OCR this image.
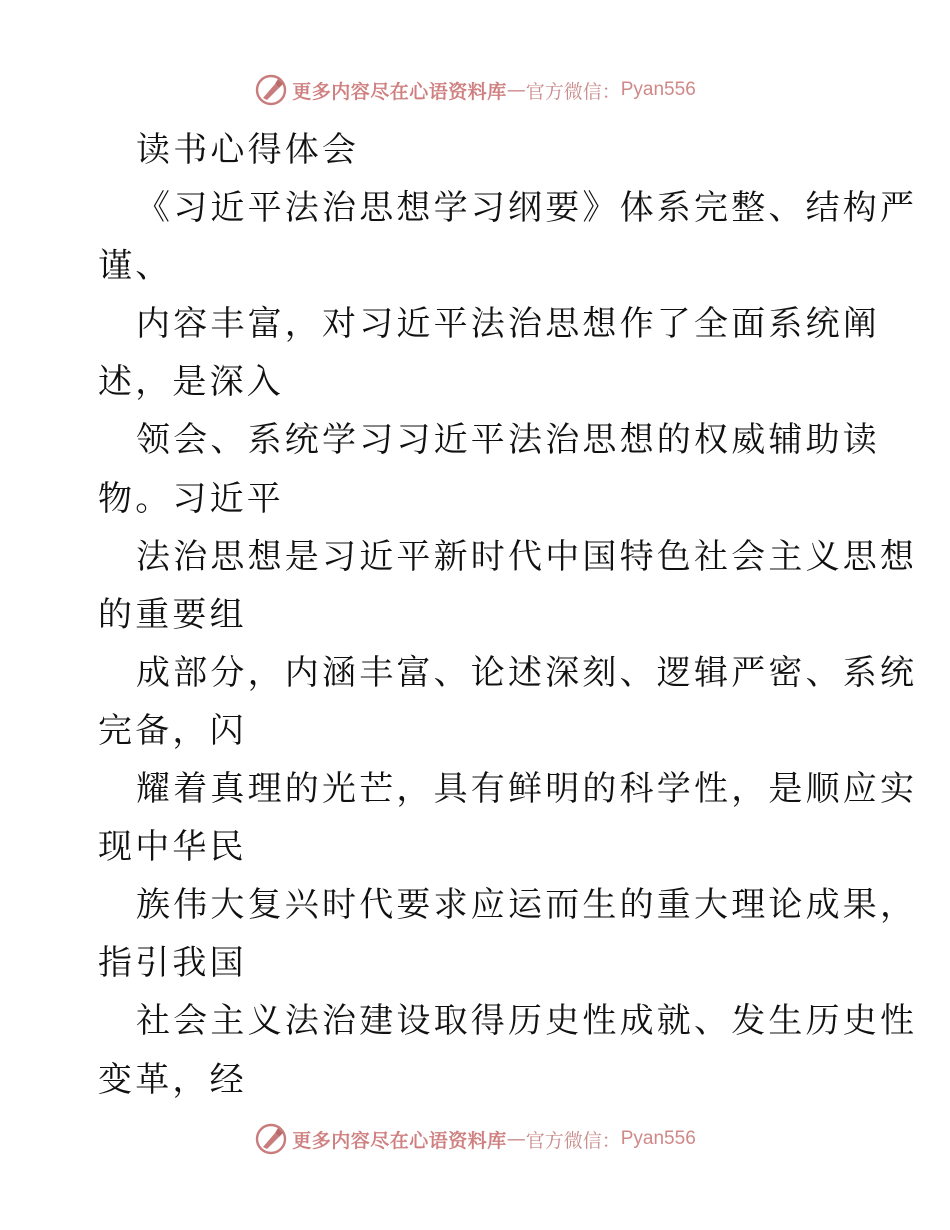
更多内容尽在心语资料库 — 官方微信： Pyan556
读书心得体会
《习近平法治思想学习纲要》体系完整、结构严
谨、
内容丰富，对习近平法治思想作了全面系统阐
述，是深入
领会、系统学习习近平法治思想的权威辅助读
物。习近平
法治思想是习近平新时代中国特色社会主义思想
的重要组
成部分，内涵丰富、论述深刻、逻辑严密、系统
完备，闪
耀着真理的光芒，具有鲜明的科学性，是顺应实
现中华民
族伟大复兴时代要求应运而生的重大理论成果，
指引我国
社会主义法治建设取得历史性成就、发生历史性
变革，经
更多内容尽在心语资料库 — 官方微信： Pyan556
